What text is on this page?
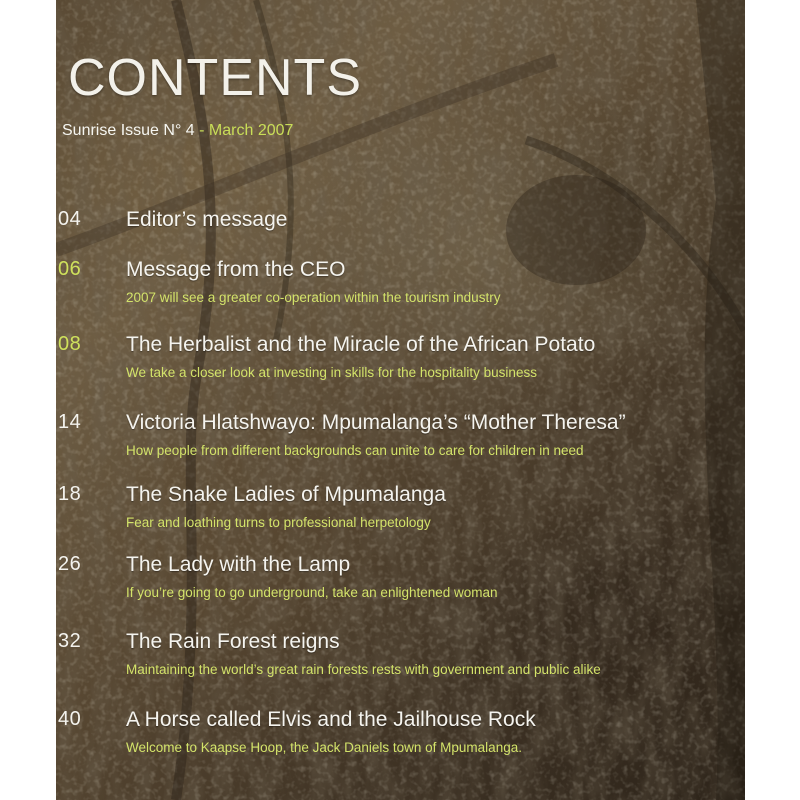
CONTENTS
Sunrise Issue N° 4 - March 2007
04 Editor’s message
06 Message from the CEO
2007 will see a greater co-operation within the tourism industry
08 The Herbalist and the Miracle of the African Potato
We take a closer look at investing in skills for the hospitality business
14 Victoria Hlatshwayo: Mpumalanga’s “Mother Theresa”
How people from different backgrounds can unite to care for children in need
18 The Snake Ladies of Mpumalanga
Fear and loathing turns to professional herpetology
26 The Lady with the Lamp
If you’re going to go underground, take an enlightened woman
32 The Rain Forest reigns
Maintaining the world’s great rain forests rests with government and public alike
40 A Horse called Elvis and the Jailhouse Rock
Welcome to Kaapse Hoop, the Jack Daniels town of Mpumalanga.
